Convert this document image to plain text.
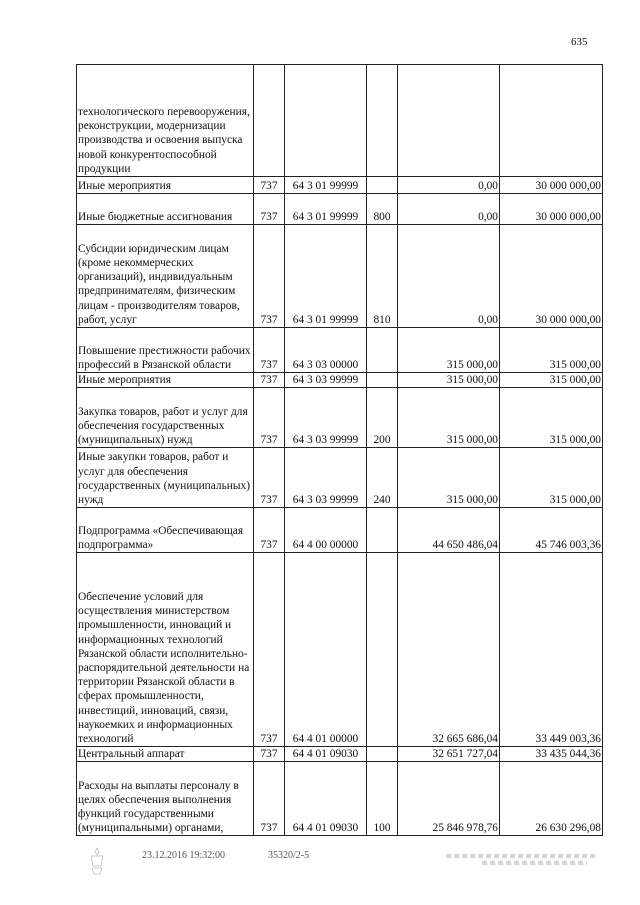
635
технологического перевооружения, реконструкции, модернизации производства и освоения выпуска новой конкурентоспособной продукции					
Иные мероприятия	737	64 3 01 99999		0,00	30 000 000,00
Иные бюджетные ассигнования	737	64 3 01 99999	800	0,00	30 000 000,00
Субсидии юридическим лицам (кроме некоммерческих организаций), индивидуальным предпринимателям, физическим лицам - производителям товаров, работ, услуг	737	64 3 01 99999	810	0,00	30 000 000,00
Повышение престижности рабочих профессий в Рязанской области	737	64 3 03 00000		315 000,00	315 000,00
Иные мероприятия	737	64 3 03 99999		315 000,00	315 000,00
Закупка товаров, работ и услуг для обеспечения государственных (муниципальных) нужд	737	64 3 03 99999	200	315 000,00	315 000,00
Иные закупки товаров, работ и услуг для обеспечения государственных (муниципальных) нужд	737	64 3 03 99999	240	315 000,00	315 000,00
Подпрограмма «Обеспечивающая подпрограмма»	737	64 4 00 00000		44 650 486,04	45 746 003,36
Обеспечение условий для осуществления министерством промышленности, инноваций и информационных технологий Рязанской области исполнительно-распорядительной деятельности на территории Рязанской области в сферах промышленности, инвестиций, инноваций, связи, наукоемких и информационных технологий	737	64 4 01 00000		32 665 686,04	33 449 003,36
Центральный аппарат	737	64 4 01 09030		32 651 727,04	33 435 044,36
Расходы на выплаты персоналу в целях обеспечения выполнения функций государственными (муниципальными) органами,	737	64 4 01 09030	100	25 846 978,76	26 630 296,08
23.12.2016 19:32:00	35320/2-5
